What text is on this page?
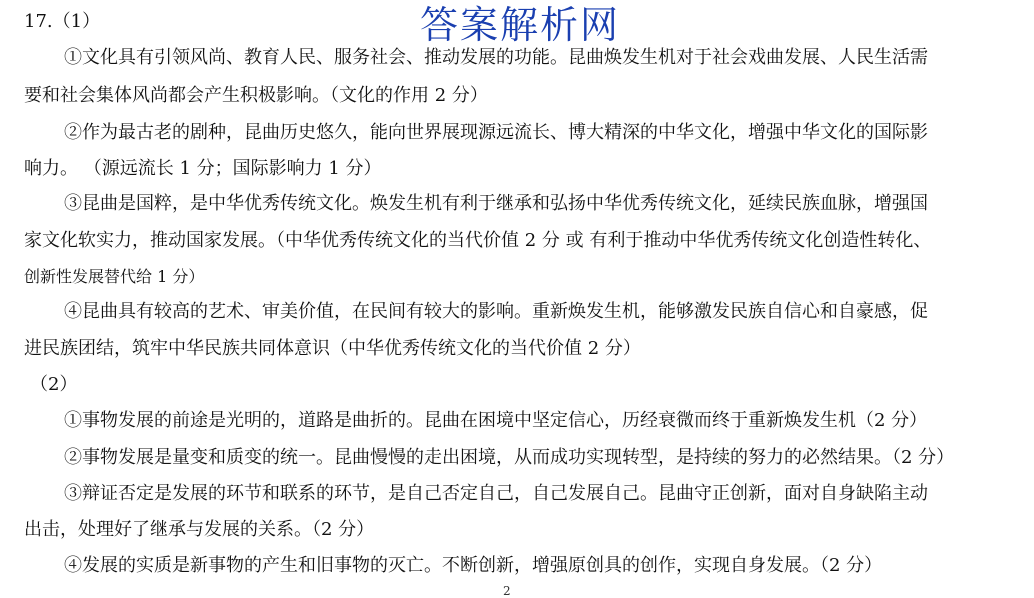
答案解析网
17.（1）
①文化具有引领风尚、教育人民、服务社会、推动发展的功能。昆曲焕发生机对于社会戏曲发展、人民生活需
要和社会集体风尚都会产生积极影响。（文化的作用 2 分）
②作为最古老的剧种，昆曲历史悠久，能向世界展现源远流长、博大精深的中华文化，增强中华文化的国际影
响力。 （源远流长 1 分；国际影响力 1 分）
③昆曲是国粹，是中华优秀传统文化。焕发生机有利于继承和弘扬中华优秀传统文化，延续民族血脉，增强国
家文化软实力，推动国家发展。（中华优秀传统文化的当代价值 2 分 或 有利于推动中华优秀传统文化创造性转化、
创新性发展替代给 1 分）
④昆曲具有较高的艺术、审美价值，在民间有较大的影响。重新焕发生机，能够激发民族自信心和自豪感，促
进民族团结，筑牢中华民族共同体意识（中华优秀传统文化的当代价值 2 分）
（2）
①事物发展的前途是光明的，道路是曲折的。昆曲在困境中坚定信心，历经衰微而终于重新焕发生机（2 分）
②事物发展是量变和质变的统一。昆曲慢慢的走出困境，从而成功实现转型，是持续的努力的必然结果。（2 分）
③辩证否定是发展的环节和联系的环节，是自己否定自己，自己发展自己。昆曲守正创新，面对自身缺陷主动
出击，处理好了继承与发展的关系。（2 分）
④发展的实质是新事物的产生和旧事物的灭亡。不断创新，增强原创具的创作，实现自身发展。（2 分）
2
